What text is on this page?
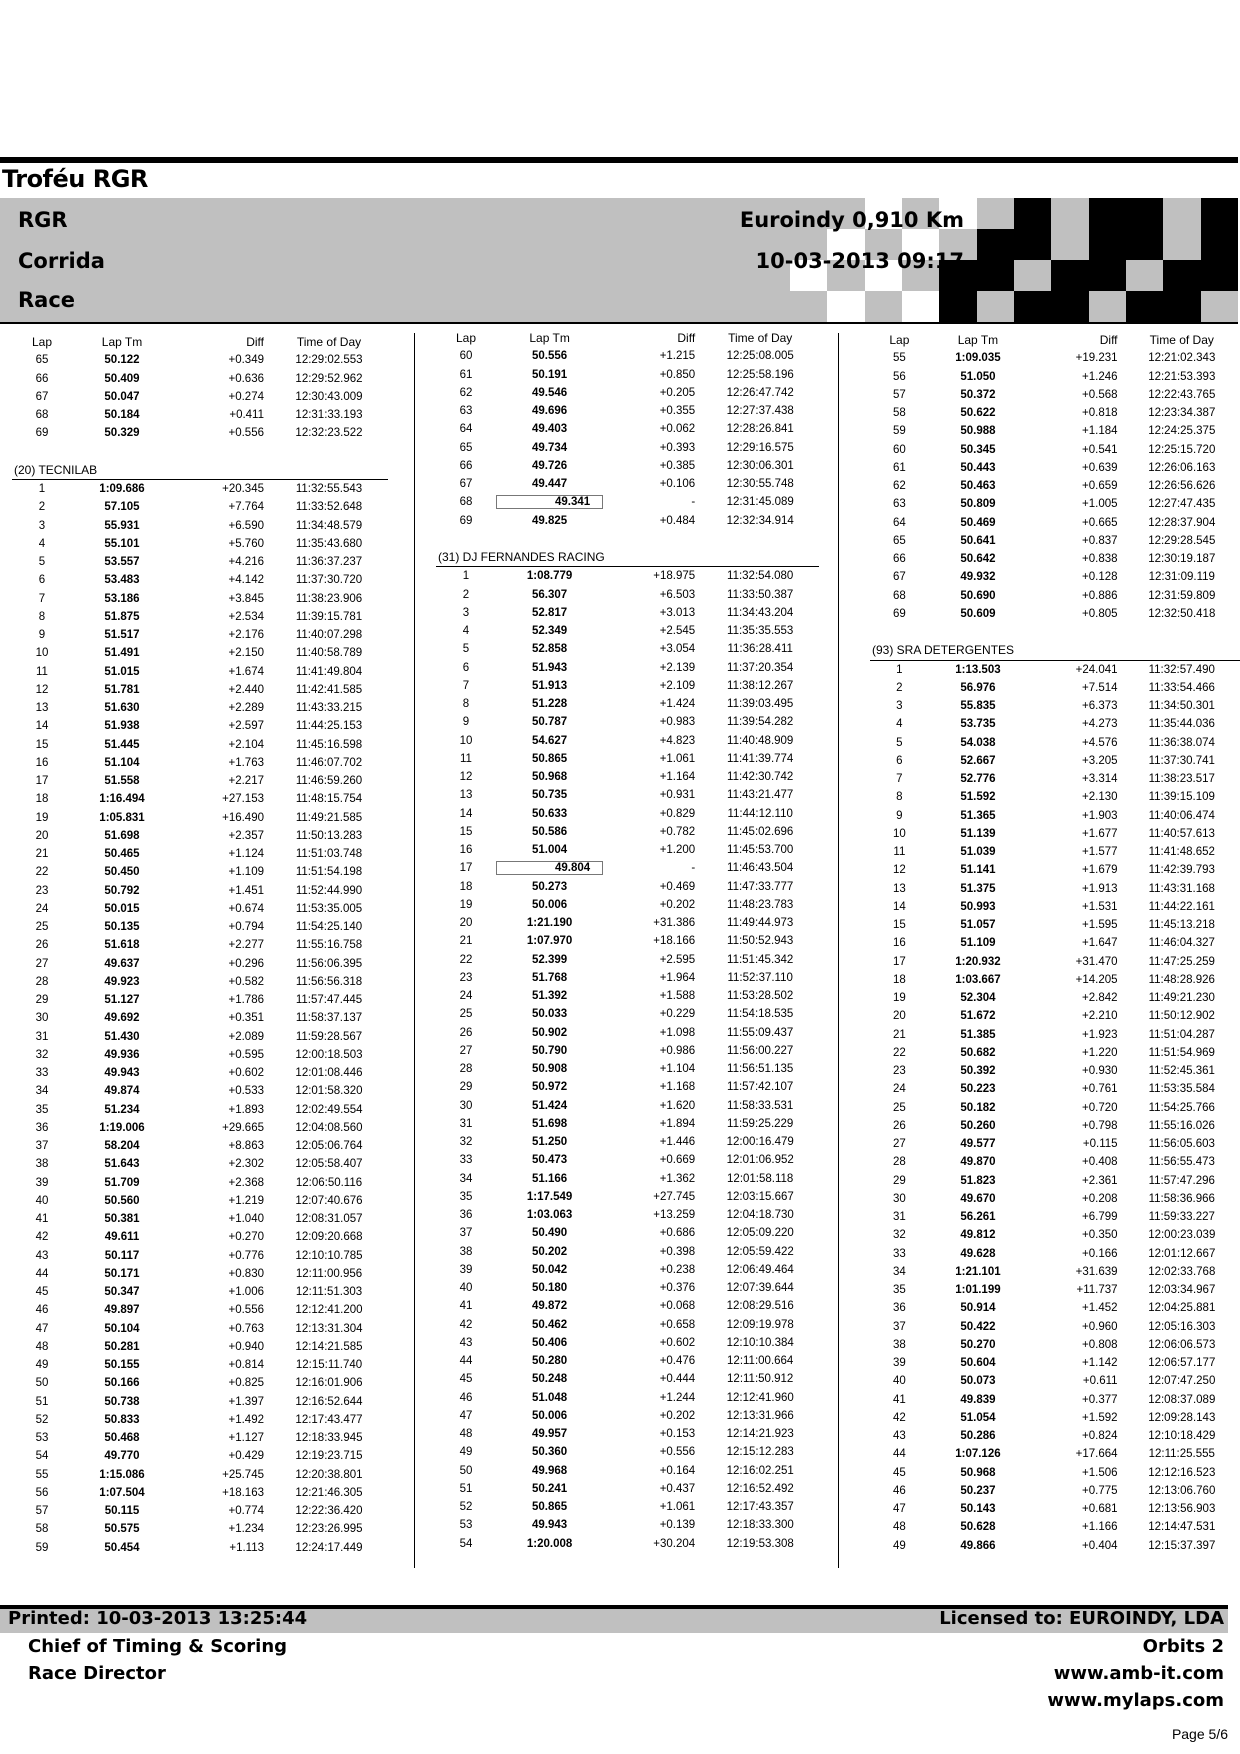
Troféu RGR
RGR
Corrida
Race
Euroindy 0,910 Km
10-03-2013 09:17
Lap	Lap Tm	Diff	Time of Day
65	50.122	+0.349	12:29:02.553
66	50.409	+0.636	12:29:52.962
67	50.047	+0.274	12:30:43.009
68	50.184	+0.411	12:31:33.193
69	50.329	+0.556	12:32:23.522

(20) TECNILAB			
1	1:09.686	+20.345	11:32:55.543
2	57.105	+7.764	11:33:52.648
3	55.931	+6.590	11:34:48.579
4	55.101	+5.760	11:35:43.680
5	53.557	+4.216	11:36:37.237
6	53.483	+4.142	11:37:30.720
7	53.186	+3.845	11:38:23.906
8	51.875	+2.534	11:39:15.781
9	51.517	+2.176	11:40:07.298
10	51.491	+2.150	11:40:58.789
11	51.015	+1.674	11:41:49.804
12	51.781	+2.440	11:42:41.585
13	51.630	+2.289	11:43:33.215
14	51.938	+2.597	11:44:25.153
15	51.445	+2.104	11:45:16.598
16	51.104	+1.763	11:46:07.702
17	51.558	+2.217	11:46:59.260
18	1:16.494	+27.153	11:48:15.754
19	1:05.831	+16.490	11:49:21.585
20	51.698	+2.357	11:50:13.283
21	50.465	+1.124	11:51:03.748
22	50.450	+1.109	11:51:54.198
23	50.792	+1.451	11:52:44.990
24	50.015	+0.674	11:53:35.005
25	50.135	+0.794	11:54:25.140
26	51.618	+2.277	11:55:16.758
27	49.637	+0.296	11:56:06.395
28	49.923	+0.582	11:56:56.318
29	51.127	+1.786	11:57:47.445
30	49.692	+0.351	11:58:37.137
31	51.430	+2.089	11:59:28.567
32	49.936	+0.595	12:00:18.503
33	49.943	+0.602	12:01:08.446
34	49.874	+0.533	12:01:58.320
35	51.234	+1.893	12:02:49.554
36	1:19.006	+29.665	12:04:08.560
37	58.204	+8.863	12:05:06.764
38	51.643	+2.302	12:05:58.407
39	51.709	+2.368	12:06:50.116
40	50.560	+1.219	12:07:40.676
41	50.381	+1.040	12:08:31.057
42	49.611	+0.270	12:09:20.668
43	50.117	+0.776	12:10:10.785
44	50.171	+0.830	12:11:00.956
45	50.347	+1.006	12:11:51.303
46	49.897	+0.556	12:12:41.200
47	50.104	+0.763	12:13:31.304
48	50.281	+0.940	12:14:21.585
49	50.155	+0.814	12:15:11.740
50	50.166	+0.825	12:16:01.906
51	50.738	+1.397	12:16:52.644
52	50.833	+1.492	12:17:43.477
53	50.468	+1.127	12:18:33.945
54	49.770	+0.429	12:19:23.715
55	1:15.086	+25.745	12:20:38.801
56	1:07.504	+18.163	12:21:46.305
57	50.115	+0.774	12:22:36.420
58	50.575	+1.234	12:23:26.995
59	50.454	+1.113	12:24:17.449
Lap	Lap Tm	Diff	Time of Day
60	50.556	+1.215	12:25:08.005
61	50.191	+0.850	12:25:58.196
62	49.546	+0.205	12:26:47.742
63	49.696	+0.355	12:27:37.438
64	49.403	+0.062	12:28:26.841
65	49.734	+0.393	12:29:16.575
66	49.726	+0.385	12:30:06.301
67	49.447	+0.106	12:30:55.748
68	49.341	-	12:31:45.089
69	49.825	+0.484	12:32:34.914

(31) DJ FERNANDES RACING			
1	1:08.779	+18.975	11:32:54.080
2	56.307	+6.503	11:33:50.387
3	52.817	+3.013	11:34:43.204
4	52.349	+2.545	11:35:35.553
5	52.858	+3.054	11:36:28.411
6	51.943	+2.139	11:37:20.354
7	51.913	+2.109	11:38:12.267
8	51.228	+1.424	11:39:03.495
9	50.787	+0.983	11:39:54.282
10	54.627	+4.823	11:40:48.909
11	50.865	+1.061	11:41:39.774
12	50.968	+1.164	11:42:30.742
13	50.735	+0.931	11:43:21.477
14	50.633	+0.829	11:44:12.110
15	50.586	+0.782	11:45:02.696
16	51.004	+1.200	11:45:53.700
17	49.804	-	11:46:43.504
18	50.273	+0.469	11:47:33.777
19	50.006	+0.202	11:48:23.783
20	1:21.190	+31.386	11:49:44.973
21	1:07.970	+18.166	11:50:52.943
22	52.399	+2.595	11:51:45.342
23	51.768	+1.964	11:52:37.110
24	51.392	+1.588	11:53:28.502
25	50.033	+0.229	11:54:18.535
26	50.902	+1.098	11:55:09.437
27	50.790	+0.986	11:56:00.227
28	50.908	+1.104	11:56:51.135
29	50.972	+1.168	11:57:42.107
30	51.424	+1.620	11:58:33.531
31	51.698	+1.894	11:59:25.229
32	51.250	+1.446	12:00:16.479
33	50.473	+0.669	12:01:06.952
34	51.166	+1.362	12:01:58.118
35	1:17.549	+27.745	12:03:15.667
36	1:03.063	+13.259	12:04:18.730
37	50.490	+0.686	12:05:09.220
38	50.202	+0.398	12:05:59.422
39	50.042	+0.238	12:06:49.464
40	50.180	+0.376	12:07:39.644
41	49.872	+0.068	12:08:29.516
42	50.462	+0.658	12:09:19.978
43	50.406	+0.602	12:10:10.384
44	50.280	+0.476	12:11:00.664
45	50.248	+0.444	12:11:50.912
46	51.048	+1.244	12:12:41.960
47	50.006	+0.202	12:13:31.966
48	49.957	+0.153	12:14:21.923
49	50.360	+0.556	12:15:12.283
50	49.968	+0.164	12:16:02.251
51	50.241	+0.437	12:16:52.492
52	50.865	+1.061	12:17:43.357
53	49.943	+0.139	12:18:33.300
54	1:20.008	+30.204	12:19:53.308
Lap	Lap Tm	Diff	Time of Day
55	1:09.035	+19.231	12:21:02.343
56	51.050	+1.246	12:21:53.393
57	50.372	+0.568	12:22:43.765
58	50.622	+0.818	12:23:34.387
59	50.988	+1.184	12:24:25.375
60	50.345	+0.541	12:25:15.720
61	50.443	+0.639	12:26:06.163
62	50.463	+0.659	12:26:56.626
63	50.809	+1.005	12:27:47.435
64	50.469	+0.665	12:28:37.904
65	50.641	+0.837	12:29:28.545
66	50.642	+0.838	12:30:19.187
67	49.932	+0.128	12:31:09.119
68	50.690	+0.886	12:31:59.809
69	50.609	+0.805	12:32:50.418

(93) SRA DETERGENTES			
1	1:13.503	+24.041	11:32:57.490
2	56.976	+7.514	11:33:54.466
3	55.835	+6.373	11:34:50.301
4	53.735	+4.273	11:35:44.036
5	54.038	+4.576	11:36:38.074
6	52.667	+3.205	11:37:30.741
7	52.776	+3.314	11:38:23.517
8	51.592	+2.130	11:39:15.109
9	51.365	+1.903	11:40:06.474
10	51.139	+1.677	11:40:57.613
11	51.039	+1.577	11:41:48.652
12	51.141	+1.679	11:42:39.793
13	51.375	+1.913	11:43:31.168
14	50.993	+1.531	11:44:22.161
15	51.057	+1.595	11:45:13.218
16	51.109	+1.647	11:46:04.327
17	1:20.932	+31.470	11:47:25.259
18	1:03.667	+14.205	11:48:28.926
19	52.304	+2.842	11:49:21.230
20	51.672	+2.210	11:50:12.902
21	51.385	+1.923	11:51:04.287
22	50.682	+1.220	11:51:54.969
23	50.392	+0.930	11:52:45.361
24	50.223	+0.761	11:53:35.584
25	50.182	+0.720	11:54:25.766
26	50.260	+0.798	11:55:16.026
27	49.577	+0.115	11:56:05.603
28	49.870	+0.408	11:56:55.473
29	51.823	+2.361	11:57:47.296
30	49.670	+0.208	11:58:36.966
31	56.261	+6.799	11:59:33.227
32	49.812	+0.350	12:00:23.039
33	49.628	+0.166	12:01:12.667
34	1:21.101	+31.639	12:02:33.768
35	1:01.199	+11.737	12:03:34.967
36	50.914	+1.452	12:04:25.881
37	50.422	+0.960	12:05:16.303
38	50.270	+0.808	12:06:06.573
39	50.604	+1.142	12:06:57.177
40	50.073	+0.611	12:07:47.250
41	49.839	+0.377	12:08:37.089
42	51.054	+1.592	12:09:28.143
43	50.286	+0.824	12:10:18.429
44	1:07.126	+17.664	12:11:25.555
45	50.968	+1.506	12:12:16.523
46	50.237	+0.775	12:13:06.760
47	50.143	+0.681	12:13:56.903
48	50.628	+1.166	12:14:47.531
49	49.866	+0.404	12:15:37.397
Printed: 10-03-2013 13:25:44	Licensed to: EUROINDY, LDA
Chief of Timing & Scoring
Race Director
Orbits 2
www.amb-it.com
www.mylaps.com
Page 5/6
